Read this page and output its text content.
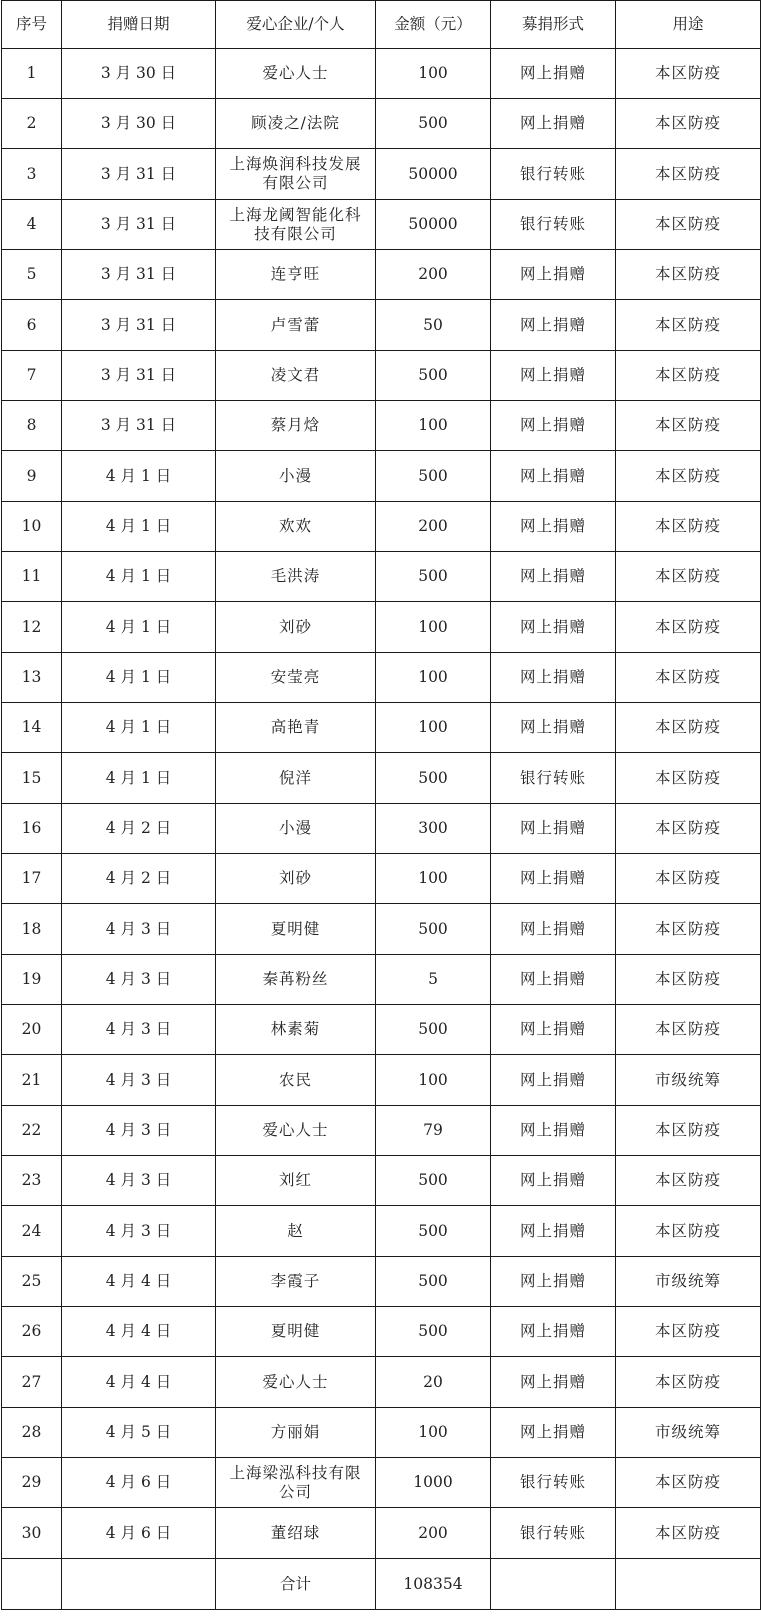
序号	捐赠日期	爱心企业/个人	金额（元）	募捐形式	用途
1	3 月 30 日	爱心人士	100	网上捐赠	本区防疫
2	3 月 30 日	顾凌之/法院	500	网上捐赠	本区防疫
3	3 月 31 日	上海焕润科技发展有限公司	50000	银行转账	本区防疫
4	3 月 31 日	上海龙阈智能化科技有限公司	50000	银行转账	本区防疫
5	3 月 31 日	连亨旺	200	网上捐赠	本区防疫
6	3 月 31 日	卢雪蕾	50	网上捐赠	本区防疫
7	3 月 31 日	凌文君	500	网上捐赠	本区防疫
8	3 月 31 日	蔡月焓	100	网上捐赠	本区防疫
9	4 月 1 日	小漫	500	网上捐赠	本区防疫
10	4 月 1 日	欢欢	200	网上捐赠	本区防疫
11	4 月 1 日	毛洪涛	500	网上捐赠	本区防疫
12	4 月 1 日	刘砂	100	网上捐赠	本区防疫
13	4 月 1 日	安莹亮	100	网上捐赠	本区防疫
14	4 月 1 日	高艳青	100	网上捐赠	本区防疫
15	4 月 1 日	倪洋	500	银行转账	本区防疫
16	4 月 2 日	小漫	300	网上捐赠	本区防疫
17	4 月 2 日	刘砂	100	网上捐赠	本区防疫
18	4 月 3 日	夏明健	500	网上捐赠	本区防疫
19	4 月 3 日	秦苒粉丝	5	网上捐赠	本区防疫
20	4 月 3 日	林素菊	500	网上捐赠	本区防疫
21	4 月 3 日	农民	100	网上捐赠	市级统筹
22	4 月 3 日	爱心人士	79	网上捐赠	本区防疫
23	4 月 3 日	刘红	500	网上捐赠	本区防疫
24	4 月 3 日	赵	500	网上捐赠	本区防疫
25	4 月 4 日	李霞子	500	网上捐赠	市级统筹
26	4 月 4 日	夏明健	500	网上捐赠	本区防疫
27	4 月 4 日	爱心人士	20	网上捐赠	本区防疫
28	4 月 5 日	方丽娟	100	网上捐赠	市级统筹
29	4 月 6 日	上海梁泓科技有限公司	1000	银行转账	本区防疫
30	4 月 6 日	董绍球	200	银行转账	本区防疫
		合计	108354		
